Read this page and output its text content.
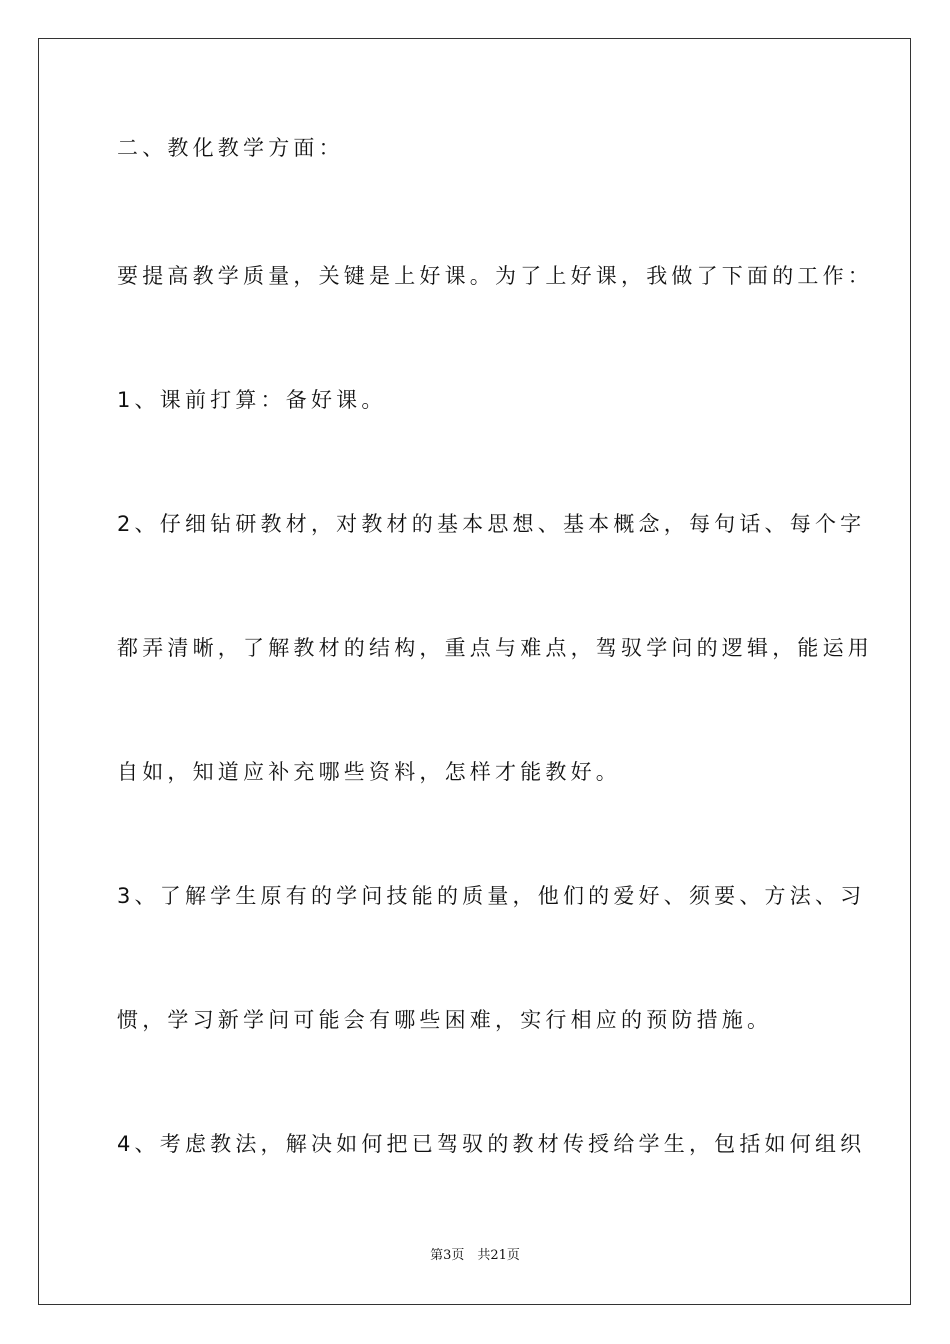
二、教化教学方面：
要提高教学质量，关键是上好课。为了上好课，我做了下面的工作：
1、课前打算：备好课。
2、仔细钻研教材，对教材的基本思想、基本概念，每句话、每个字
都弄清晰，了解教材的结构，重点与难点，驾驭学问的逻辑，能运用
自如，知道应补充哪些资料，怎样才能教好。
3、了解学生原有的学问技能的质量，他们的爱好、须要、方法、习
惯，学习新学问可能会有哪些困难，实行相应的预防措施。
4、考虑教法，解决如何把已驾驭的教材传授给学生，包括如何组织
第3页　共21页
